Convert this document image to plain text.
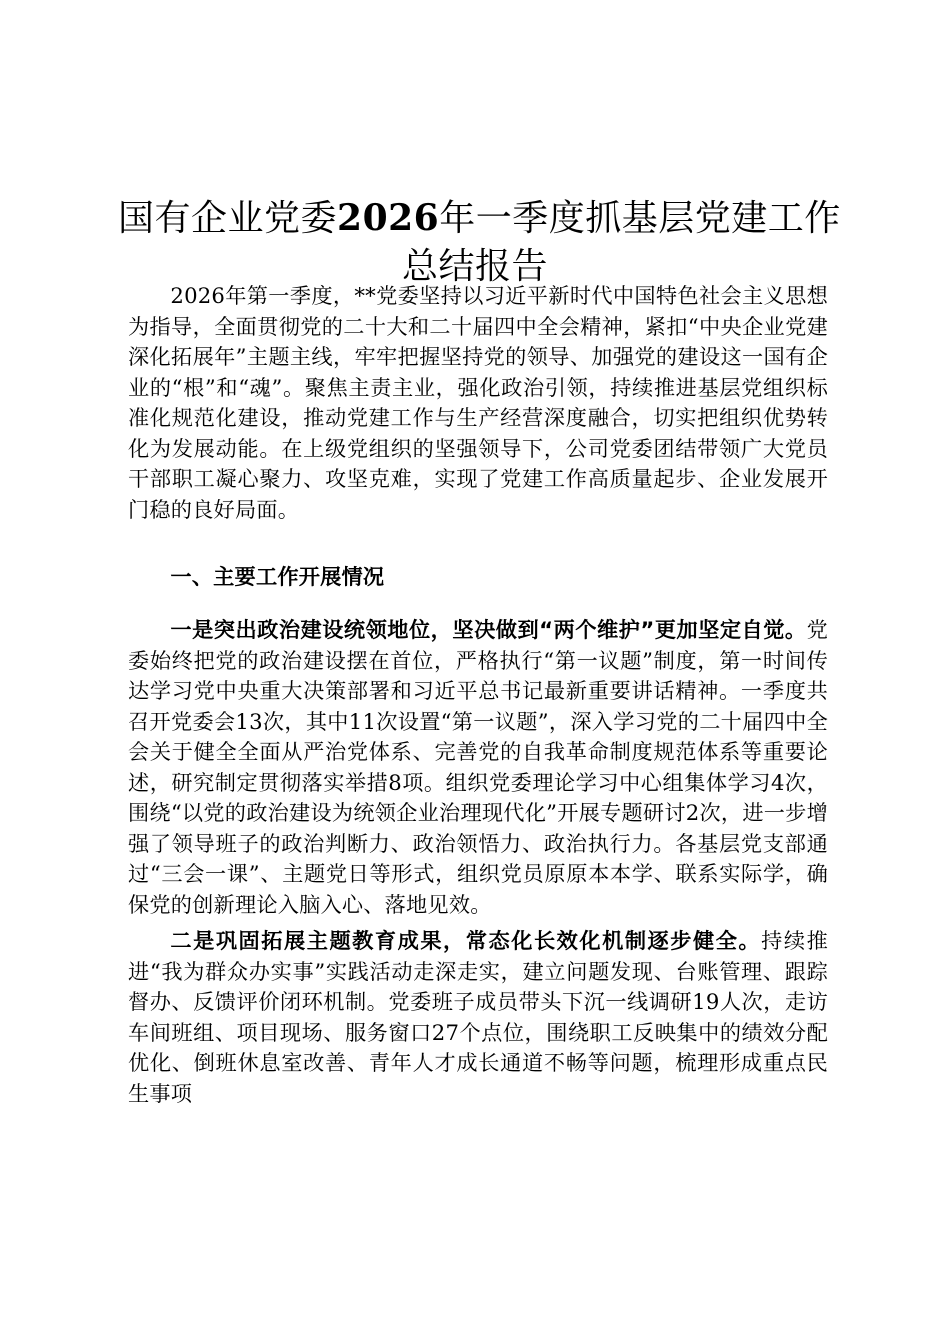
国有企业党委2026年一季度抓基层党建工作
总结报告

2026年第一季度，**党委坚持以习近平新时代中国特色社会主义思想为指导，全面贯彻党的二十大和二十届四中全会精神，紧扣“中央企业党建深化拓展年”主题主线，牢牢把握坚持党的领导、加强党的建设这一国有企业的“根”和“魂”。聚焦主责主业，强化政治引领，持续推进基层党组织标准化规范化建设，推动党建工作与生产经营深度融合，切实把组织优势转化为发展动能。在上级党组织的坚强领导下，公司党委团结带领广大党员干部职工凝心聚力、攻坚克难，实现了党建工作高质量起步、企业发展开门稳的良好局面。

一、主要工作开展情况

一是突出政治建设统领地位，坚决做到“两个维护”更加坚定自觉。党委始终把党的政治建设摆在首位，严格执行“第一议题”制度，第一时间传达学习党中央重大决策部署和习近平总书记最新重要讲话精神。一季度共召开党委会13次，其中11次设置“第一议题”，深入学习党的二十届四中全会关于健全全面从严治党体系、完善党的自我革命制度规范体系等重要论述，研究制定贯彻落实举措8项。组织党委理论学习中心组集体学习4次，围绕“以党的政治建设为统领企业治理现代化”开展专题研讨2次，进一步增强了领导班子的政治判断力、政治领悟力、政治执行力。各基层党支部通过“三会一课”、主题党日等形式，组织党员原原本本学、联系实际学，确保党的创新理论入脑入心、落地见效。

二是巩固拓展主题教育成果，常态化长效化机制逐步健全。持续推进“我为群众办实事”实践活动走深走实，建立问题发现、台账管理、跟踪督办、反馈评价闭环机制。党委班子成员带头下沉一线调研19人次，走访车间班组、项目现场、服务窗口27个点位，围绕职工反映集中的绩效分配优化、倒班休息室改善、青年人才成长通道不畅等问题，梳理形成重点民生事项
